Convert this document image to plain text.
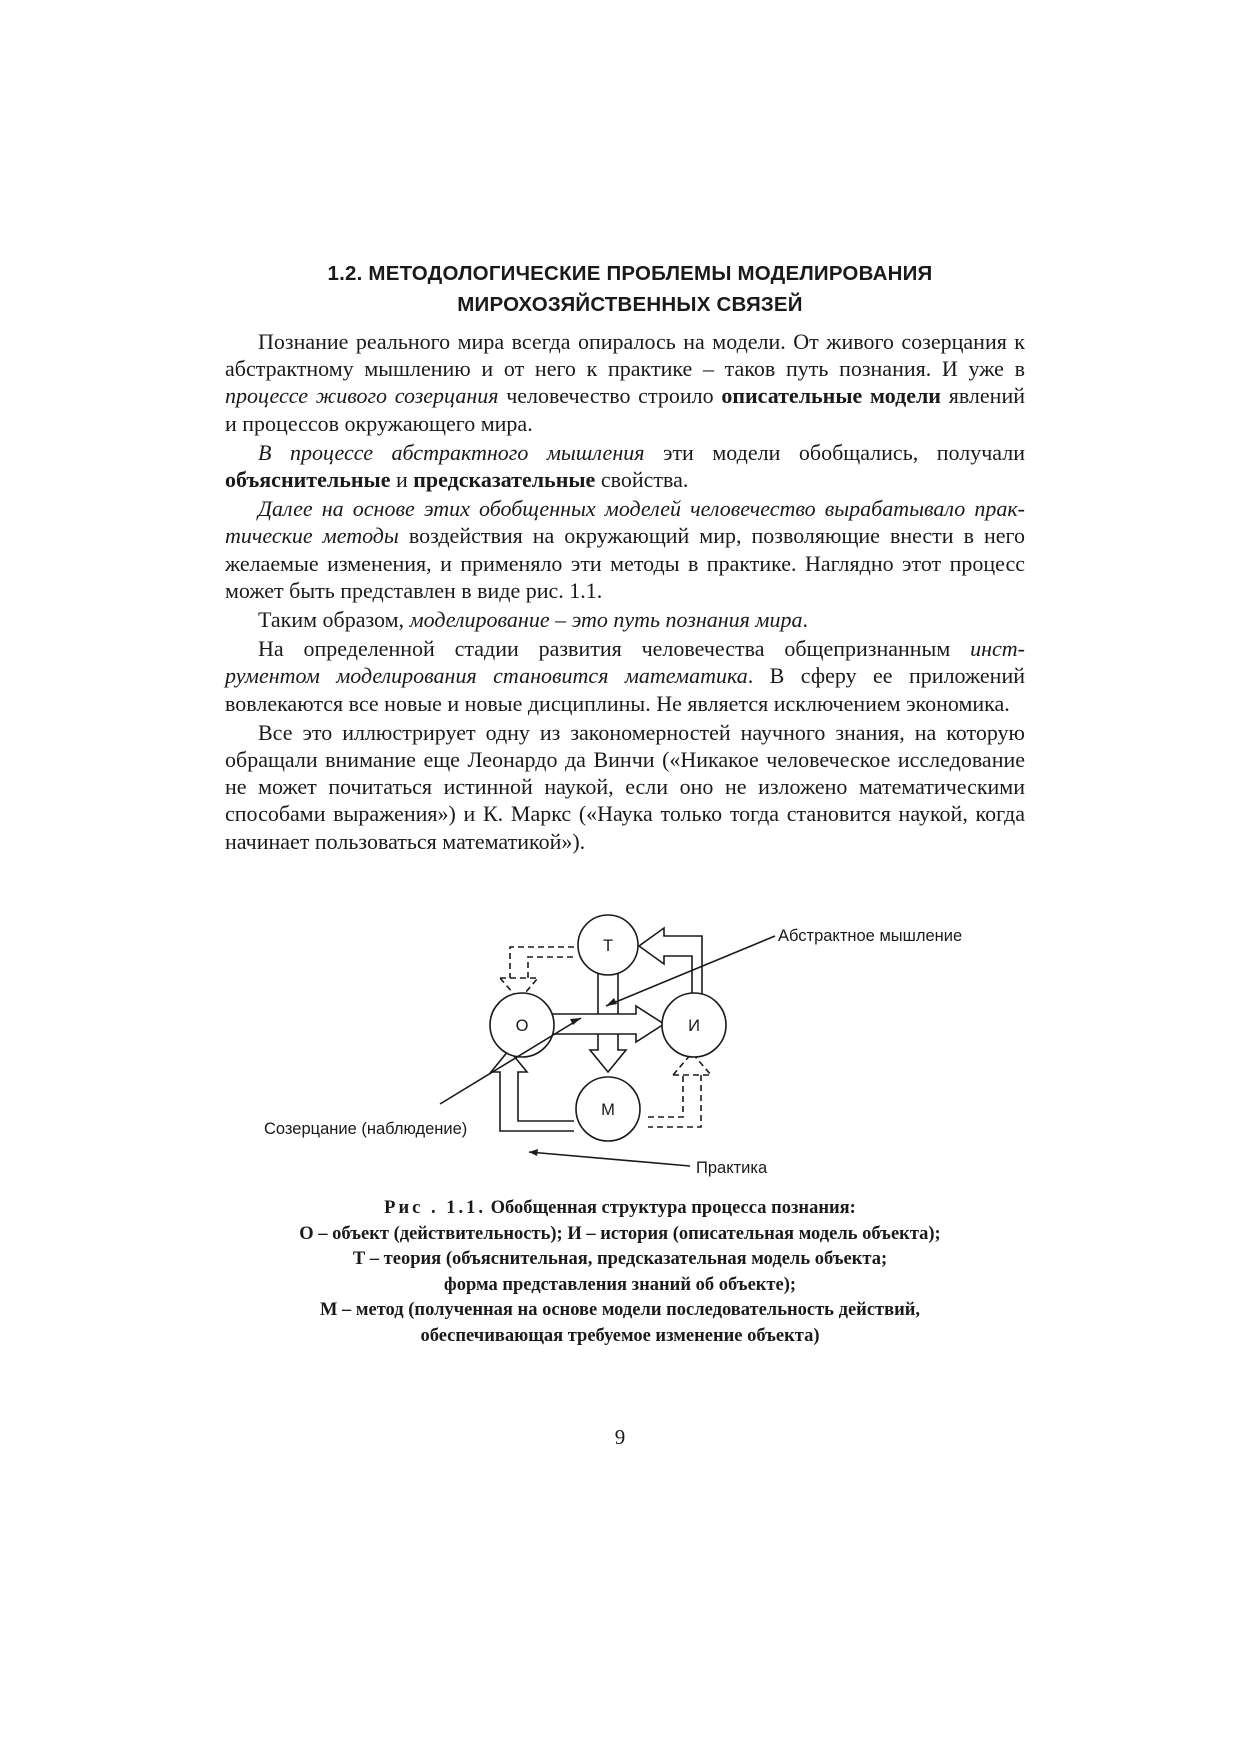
1.2. МЕТОДОЛОГИЧЕСКИЕ ПРОБЛЕМЫ МОДЕЛИРОВАНИЯ
МИРОХОЗЯЙСТВЕННЫХ СВЯЗЕЙ

Познание реального мира всегда опиралось на модели. От живого созерцания к абстрактному мышлению и от него к практике – таков путь познания. И уже в процессе живого созерцания человечество строило описательные модели явлений и процессов окружающего мира.

В процессе абстрактного мышления эти модели обобщались, получали объяснительные и предсказательные свойства.

Далее на основе этих обобщенных моделей человечество вырабатывало практические методы воздействия на окружающий мир, позволяющие внести в него желаемые изменения, и применяло эти методы в практике. Наглядно этот процесс может быть представлен в виде рис. 1.1.

Таким образом, моделирование – это путь познания мира.

На определенной стадии развития человечества общепризнанным инструментом моделирования становится математика. В сферу ее приложений вовлекаются все новые и новые дисциплины. Не является исключением экономика.

Все это иллюстрирует одну из закономерностей научного знания, на которую обращали внимание еще Леонардо да Винчи («Никакое человеческое исследование не может почитаться истинной наукой, если оно не изложено математическими способами выражения») и К. Маркс («Наука только тогда становится наукой, когда начинает пользоваться математикой»).

Т
О	И
М
Абстрактное мышление
Созерцание (наблюдение)
Практика
Рис . 1.1. Обобщенная структура процесса познания:
О – объект (действительность); И – история (описательная модель объекта);
Т – теория (объяснительная, предсказательная модель объекта;
форма представления знаний об объекте);
М – метод (полученная на основе модели последовательность действий,
обеспечивающая требуемое изменение объекта)
9
